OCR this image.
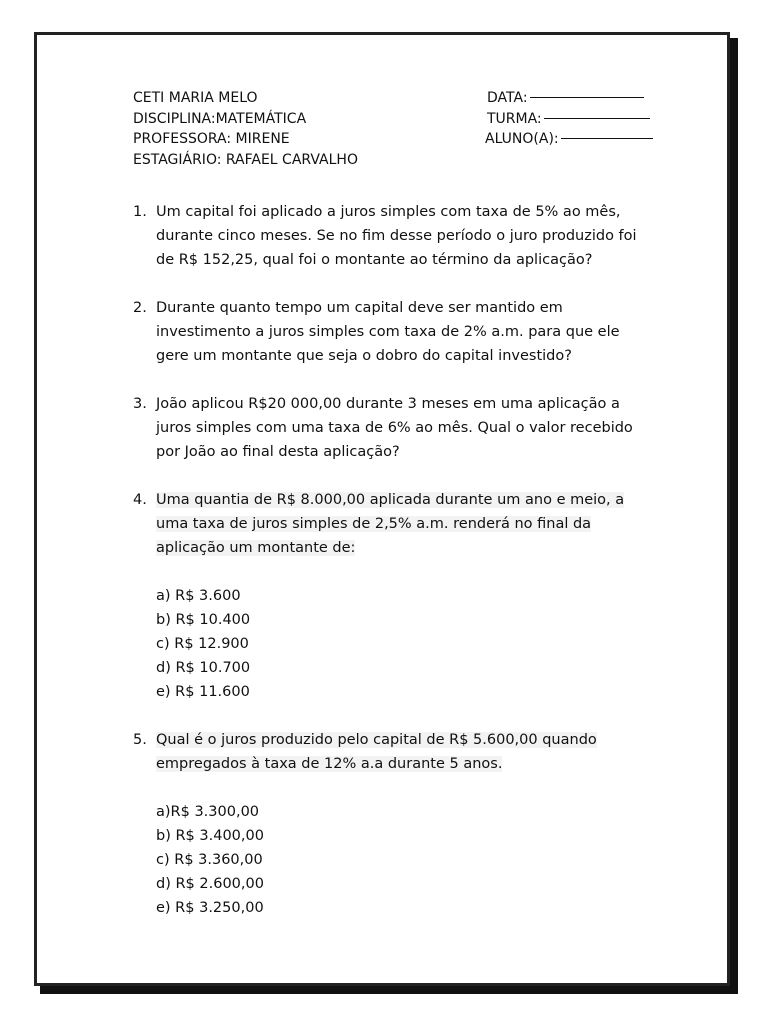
CETI MARIA MELO	DATA:
DISCIPLINA:MATEMÁTICA	TURMA:
PROFESSORA: MIRENE	ALUNO(A):
ESTAGIÁRIO: RAFAEL CARVALHO
1. Um capital foi aplicado a juros simples com taxa de 5% ao mês,
durante cinco meses. Se no fim desse período o juro produzido foi
de R$ 152,25, qual foi o montante ao término da aplicação?
2. Durante quanto tempo um capital deve ser mantido em
investimento a juros simples com taxa de 2% a.m. para que ele
gere um montante que seja o dobro do capital investido?
3. João aplicou R$20 000,00 durante 3 meses em uma aplicação a
juros simples com uma taxa de 6% ao mês. Qual o valor recebido
por João ao final desta aplicação?
4. Uma quantia de R$ 8.000,00 aplicada durante um ano e meio, a
uma taxa de juros simples de 2,5% a.m. renderá no final da
aplicação um montante de:
a) R$ 3.600
b) R$ 10.400
c) R$ 12.900
d) R$ 10.700
e) R$ 11.600
5. Qual é o juros produzido pelo capital de R$ 5.600,00 quando
empregados à taxa de 12% a.a durante 5 anos.
a)R$ 3.300,00
b) R$ 3.400,00
c) R$ 3.360,00
d) R$ 2.600,00
e) R$ 3.250,00
